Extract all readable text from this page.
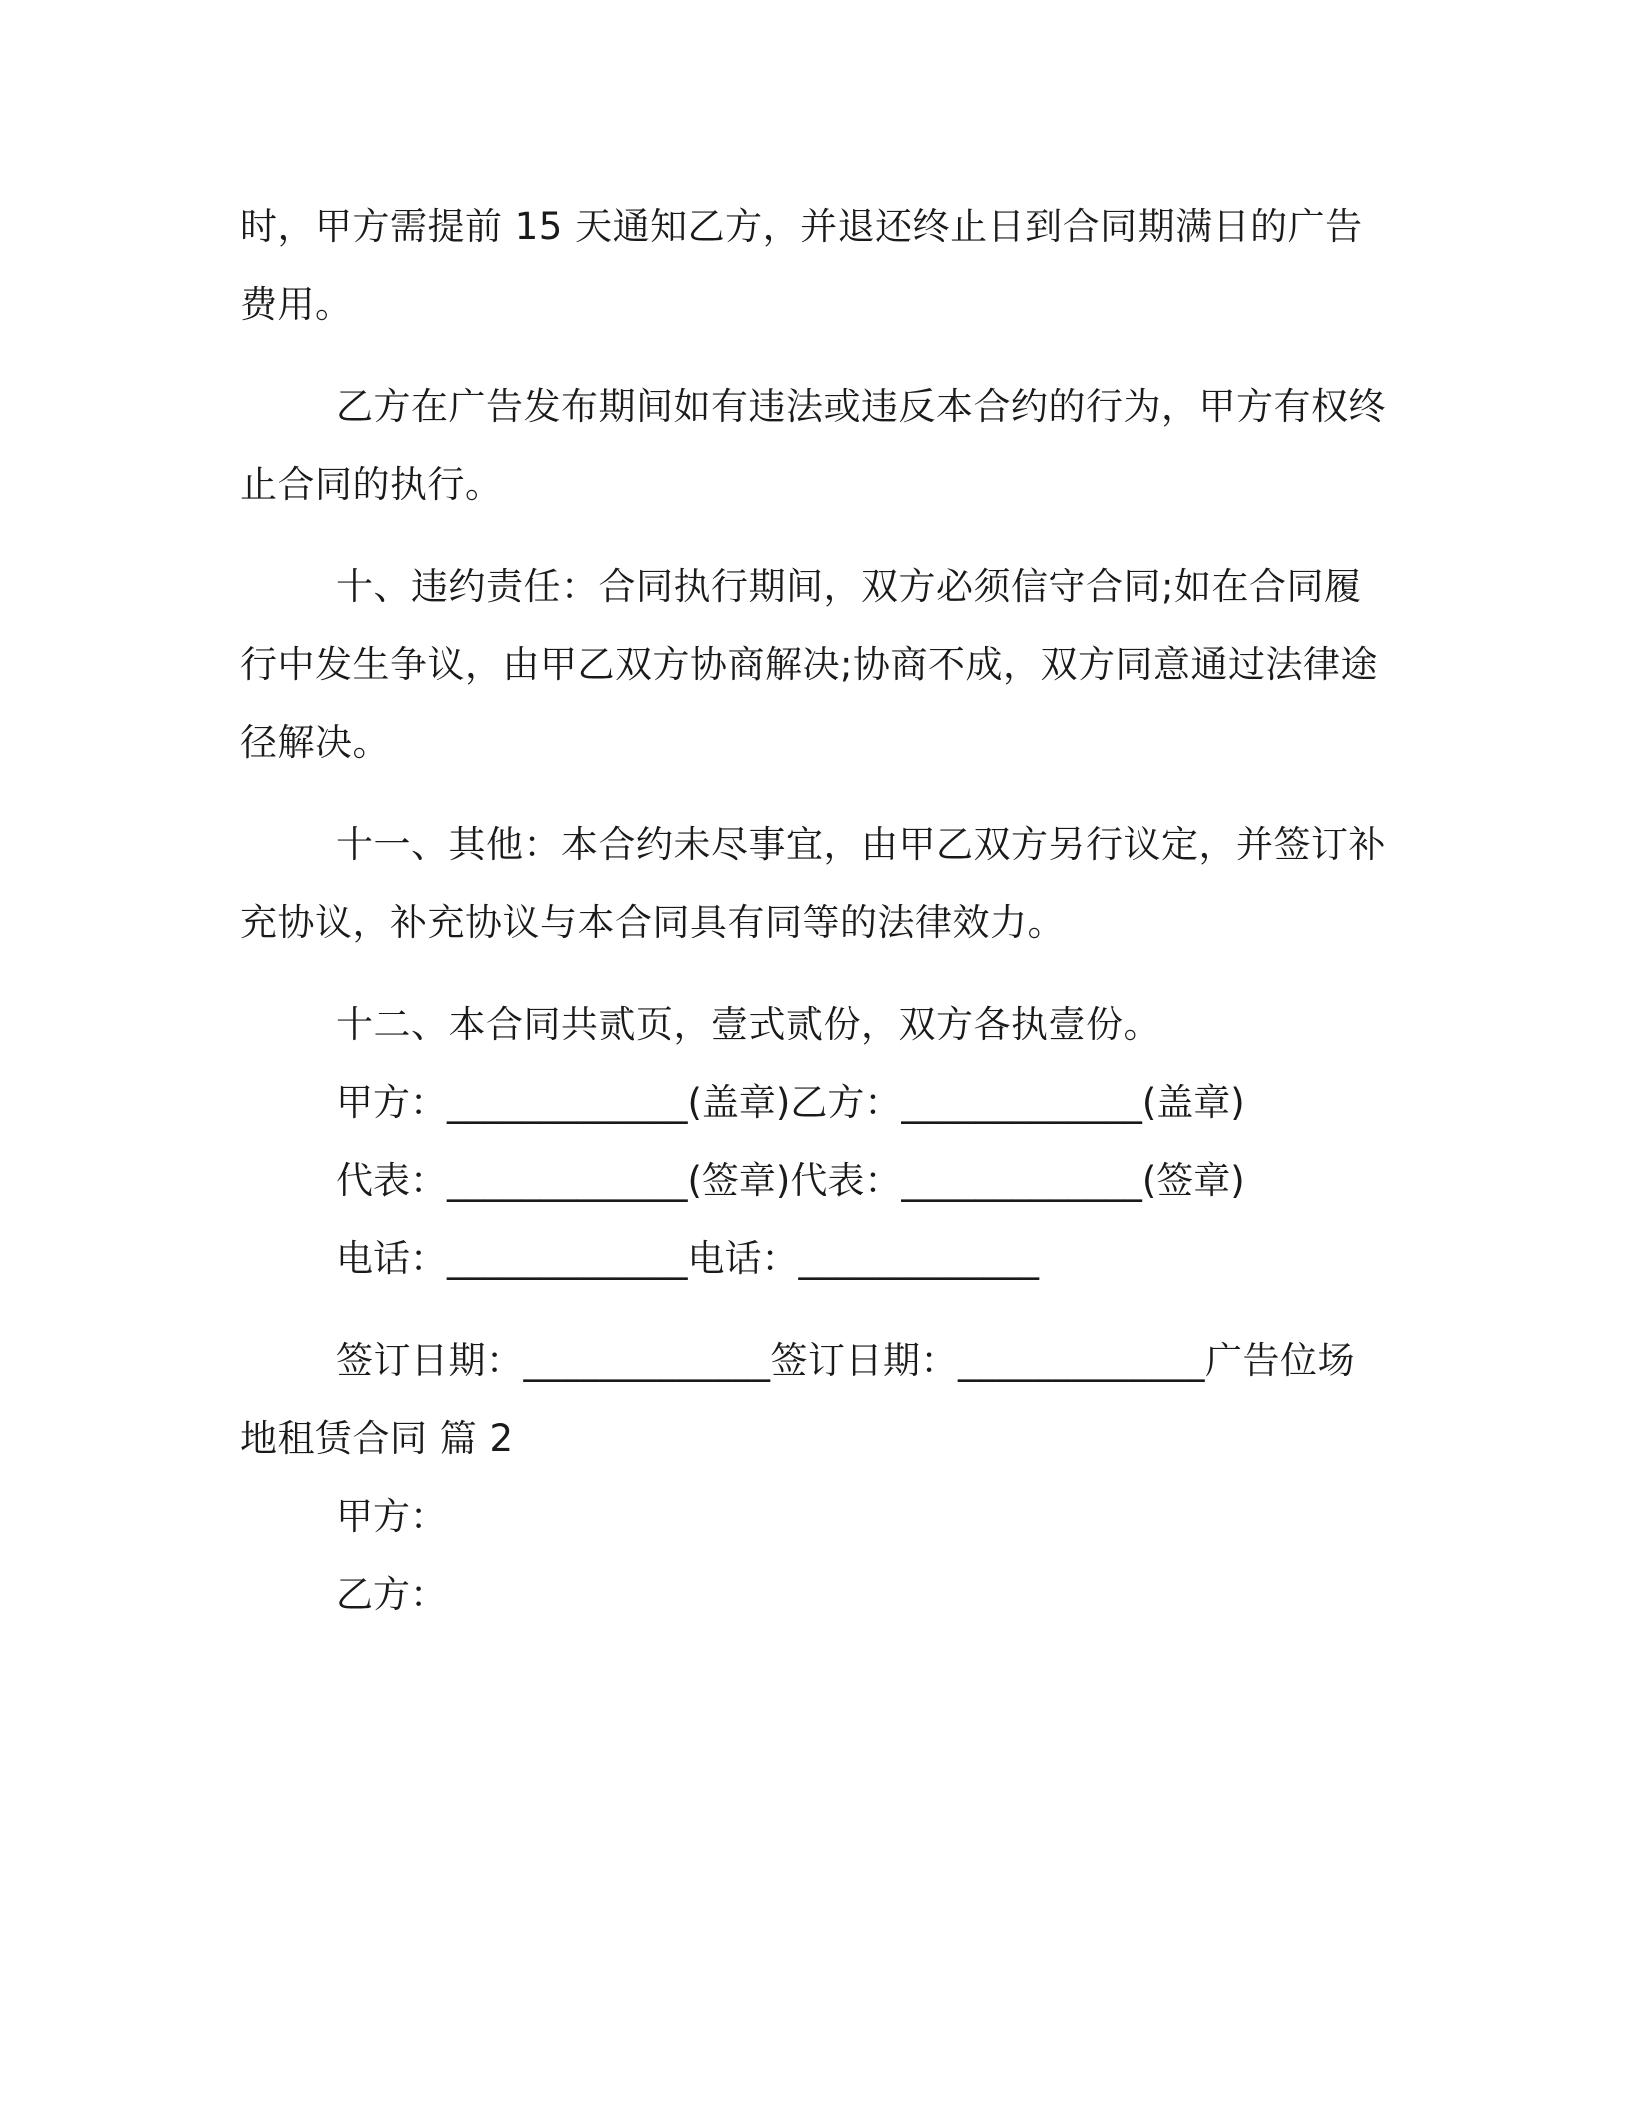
时，甲方需提前 15 天通知乙方，并退还终止日到合同期满日的广告费用。

乙方在广告发布期间如有违法或违反本合约的行为，甲方有权终止合同的执行。

十、违约责任：合同执行期间，双方必须信守合同;如在合同履行中发生争议，由甲乙双方协商解决;协商不成，双方同意通过法律途径解决。

十一、其他：本合约未尽事宜，由甲乙双方另行议定，并签订补充协议，补充协议与本合同具有同等的法律效力。

十二、本合同共贰页，壹式贰份，双方各执壹份。

甲方：_____________(盖章)乙方：_____________(盖章)

代表：_____________(签章)代表：_____________(签章)

电话：_____________电话：_____________

签订日期：_____________签订日期：_____________广告位场地租赁合同 篇 2

甲方：

乙方：
